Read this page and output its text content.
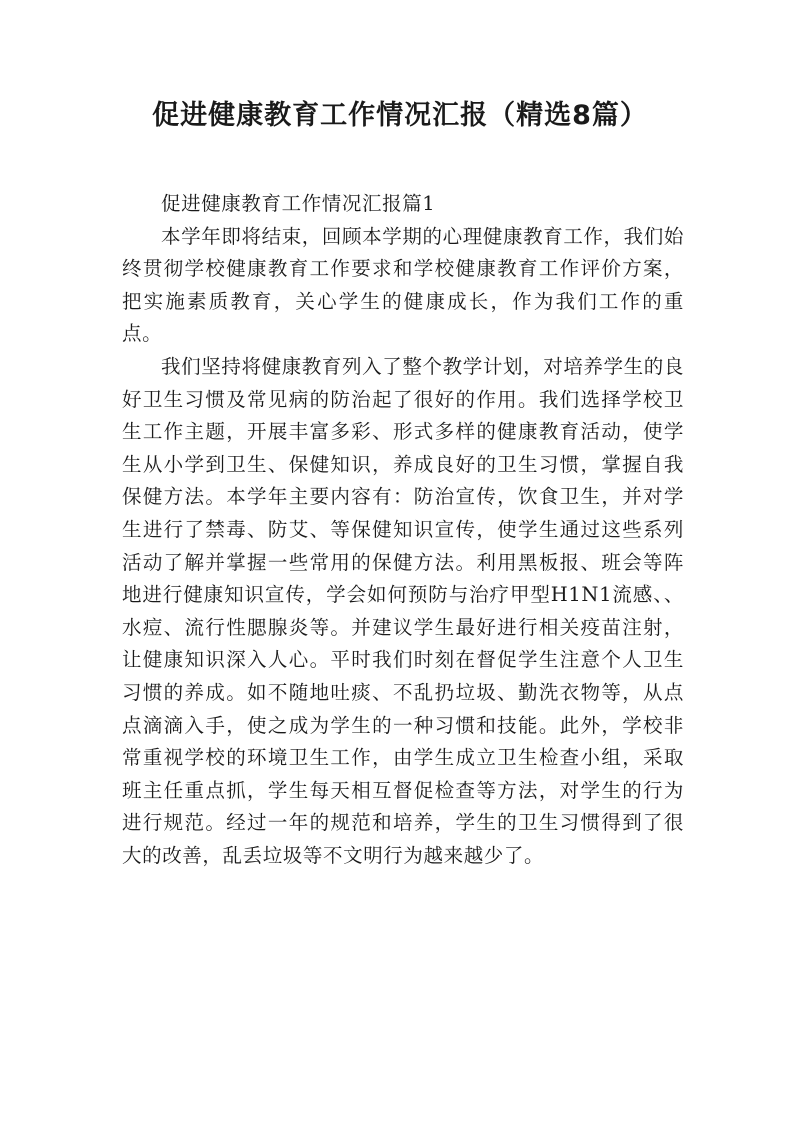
促进健康教育工作情况汇报（精选8篇）
促进健康教育工作情况汇报篇1

本学年即将结束，回顾本学期的心理健康教育工作，我们始终贯彻学校健康教育工作要求和学校健康教育工作评价方案，把实施素质教育，关心学生的健康成长，作为我们工作的重点。

我们坚持将健康教育列入了整个教学计划，对培养学生的良好卫生习惯及常见病的防治起了很好的作用。我们选择学校卫生工作主题，开展丰富多彩、形式多样的健康教育活动，使学生从小学到卫生、保健知识，养成良好的卫生习惯，掌握自我保健方法。本学年主要内容有：防治宣传，饮食卫生，并对学生进行了禁毒、防艾、等保健知识宣传，使学生通过这些系列活动了解并掌握一些常用的保健方法。利用黑板报、班会等阵地进行健康知识宣传，学会如何预防与治疗甲型H1N1流感、、水痘、流行性腮腺炎等。并建议学生最好进行相关疫苗注射，让健康知识深入人心。平时我们时刻在督促学生注意个人卫生习惯的养成。如不随地吐痰、不乱扔垃圾、勤洗衣物等，从点点滴滴入手，使之成为学生的一种习惯和技能。此外，学校非常重视学校的环境卫生工作，由学生成立卫生检查小组，采取班主任重点抓，学生每天相互督促检查等方法，对学生的行为进行规范。经过一年的规范和培养，学生的卫生习惯得到了很大的改善，乱丢垃圾等不文明行为越来越少了。
